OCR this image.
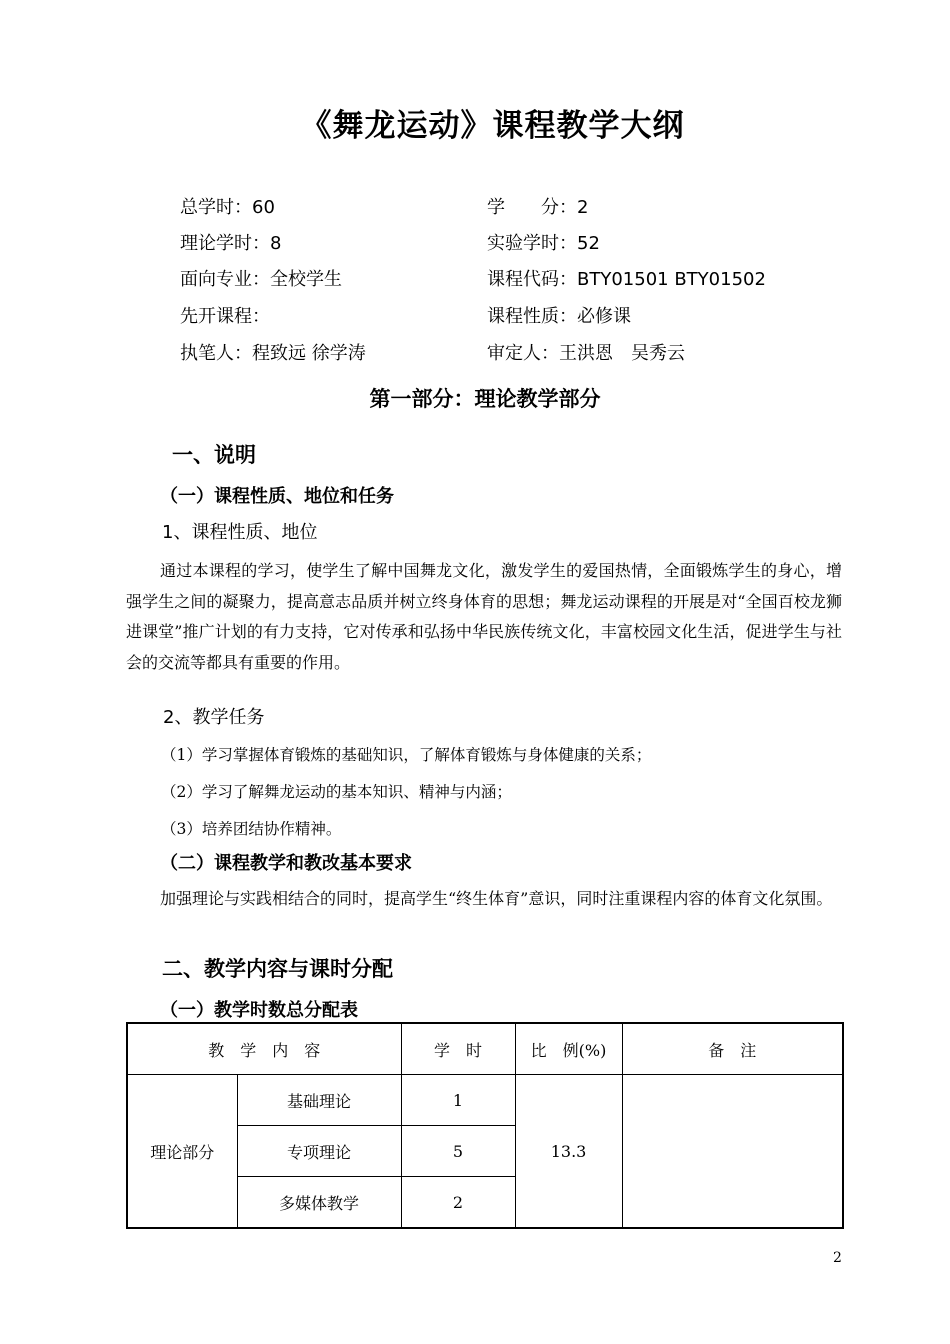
《舞龙运动》课程教学大纲
总学时：60	学　　分：2
理论学时：8	实验学时：52
面向专业：全校学生	课程代码：BTY01501 BTY01502
先开课程：	课程性质：必修课
执笔人：程致远 徐学涛	审定人：王洪恩　吴秀云
第一部分：理论教学部分
一、说明
（一）课程性质、地位和任务
1、课程性质、地位
通过本课程的学习，使学生了解中国舞龙文化，激发学生的爱国热情，全面锻炼学生的身心，增强学生之间的凝聚力，提高意志品质并树立终身体育的思想；舞龙运动课程的开展是对“全国百校龙狮进课堂”推广计划的有力支持，它对传承和弘扬中华民族传统文化，丰富校园文化生活，促进学生与社会的交流等都具有重要的作用。
2、教学任务
（1）学习掌握体育锻炼的基础知识，了解体育锻炼与身体健康的关系；
（2）学习了解舞龙运动的基本知识、精神与内涵；
（3）培养团结协作精神。
（二）课程教学和教改基本要求
加强理论与实践相结合的同时，提高学生“终生体育”意识，同时注重课程内容的体育文化氛围。
二、教学内容与课时分配
（一）教学时数总分配表
教　学　内　容		学　时	比　例(%)	备　注
理论部分	基础理论	1	13.3	
	专项理论	5		
	多媒体教学	2		
2
